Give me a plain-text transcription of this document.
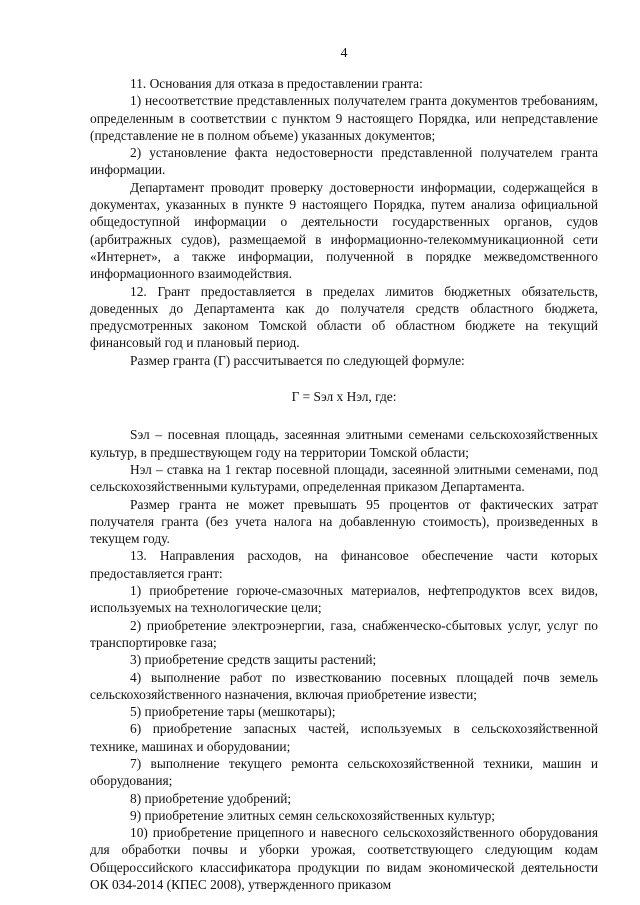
4

11. Основания для отказа в предоставлении гранта:

1) несоответствие представленных получателем гранта документов требованиям, определенным в соответствии с пунктом 9 настоящего Порядка, или непредставление (представление не в полном объеме) указанных документов;

2) установление факта недостоверности представленной получателем гранта информации.

Департамент проводит проверку достоверности информации, содержащейся в документах, указанных в пункте 9 настоящего Порядка, путем анализа официальной общедоступной информации о деятельности государственных органов, судов (арбитражных судов), размещаемой в информационно-телекоммуникационной сети «Интернет», а также информации, полученной в порядке межведомственного информационного взаимодействия.

12. Грант предоставляется в пределах лимитов бюджетных обязательств, доведенных до Департамента как до получателя средств областного бюджета, предусмотренных законом Томской области об областном бюджете на текущий финансовый год и плановый период.

Размер гранта (Г) рассчитывается по следующей формуле:

Г = Sэл x Нэл, где:

Sэл – посевная площадь, засеянная элитными семенами сельскохозяйственных культур, в предшествующем году на территории Томской области;

Нэл – ставка на 1 гектар посевной площади, засеянной элитными семенами, под сельскохозяйственными культурами, определенная приказом Департамента.

Размер гранта не может превышать 95 процентов от фактических затрат получателя гранта (без учета налога на добавленную стоимость), произведенных в текущем году.

13. Направления расходов, на финансовое обеспечение части которых предоставляется грант:

1) приобретение горюче-смазочных материалов, нефтепродуктов всех видов, используемых на технологические цели;

2) приобретение электроэнергии, газа, снабженческо-сбытовых услуг, услуг по транспортировке газа;

3) приобретение средств защиты растений;

4) выполнение работ по известкованию посевных площадей почв земель сельскохозяйственного назначения, включая приобретение извести;

5) приобретение тары (мешкотары);

6) приобретение запасных частей, используемых в сельскохозяйственной технике, машинах и оборудовании;

7) выполнение текущего ремонта сельскохозяйственной техники, машин и оборудования;

8) приобретение удобрений;

9) приобретение элитных семян сельскохозяйственных культур;

10) приобретение прицепного и навесного сельскохозяйственного оборудования для обработки почвы и уборки урожая, соответствующего следующим кодам Общероссийского классификатора продукции по видам экономической деятельности ОК 034-2014 (КПЕС 2008), утвержденного приказом
